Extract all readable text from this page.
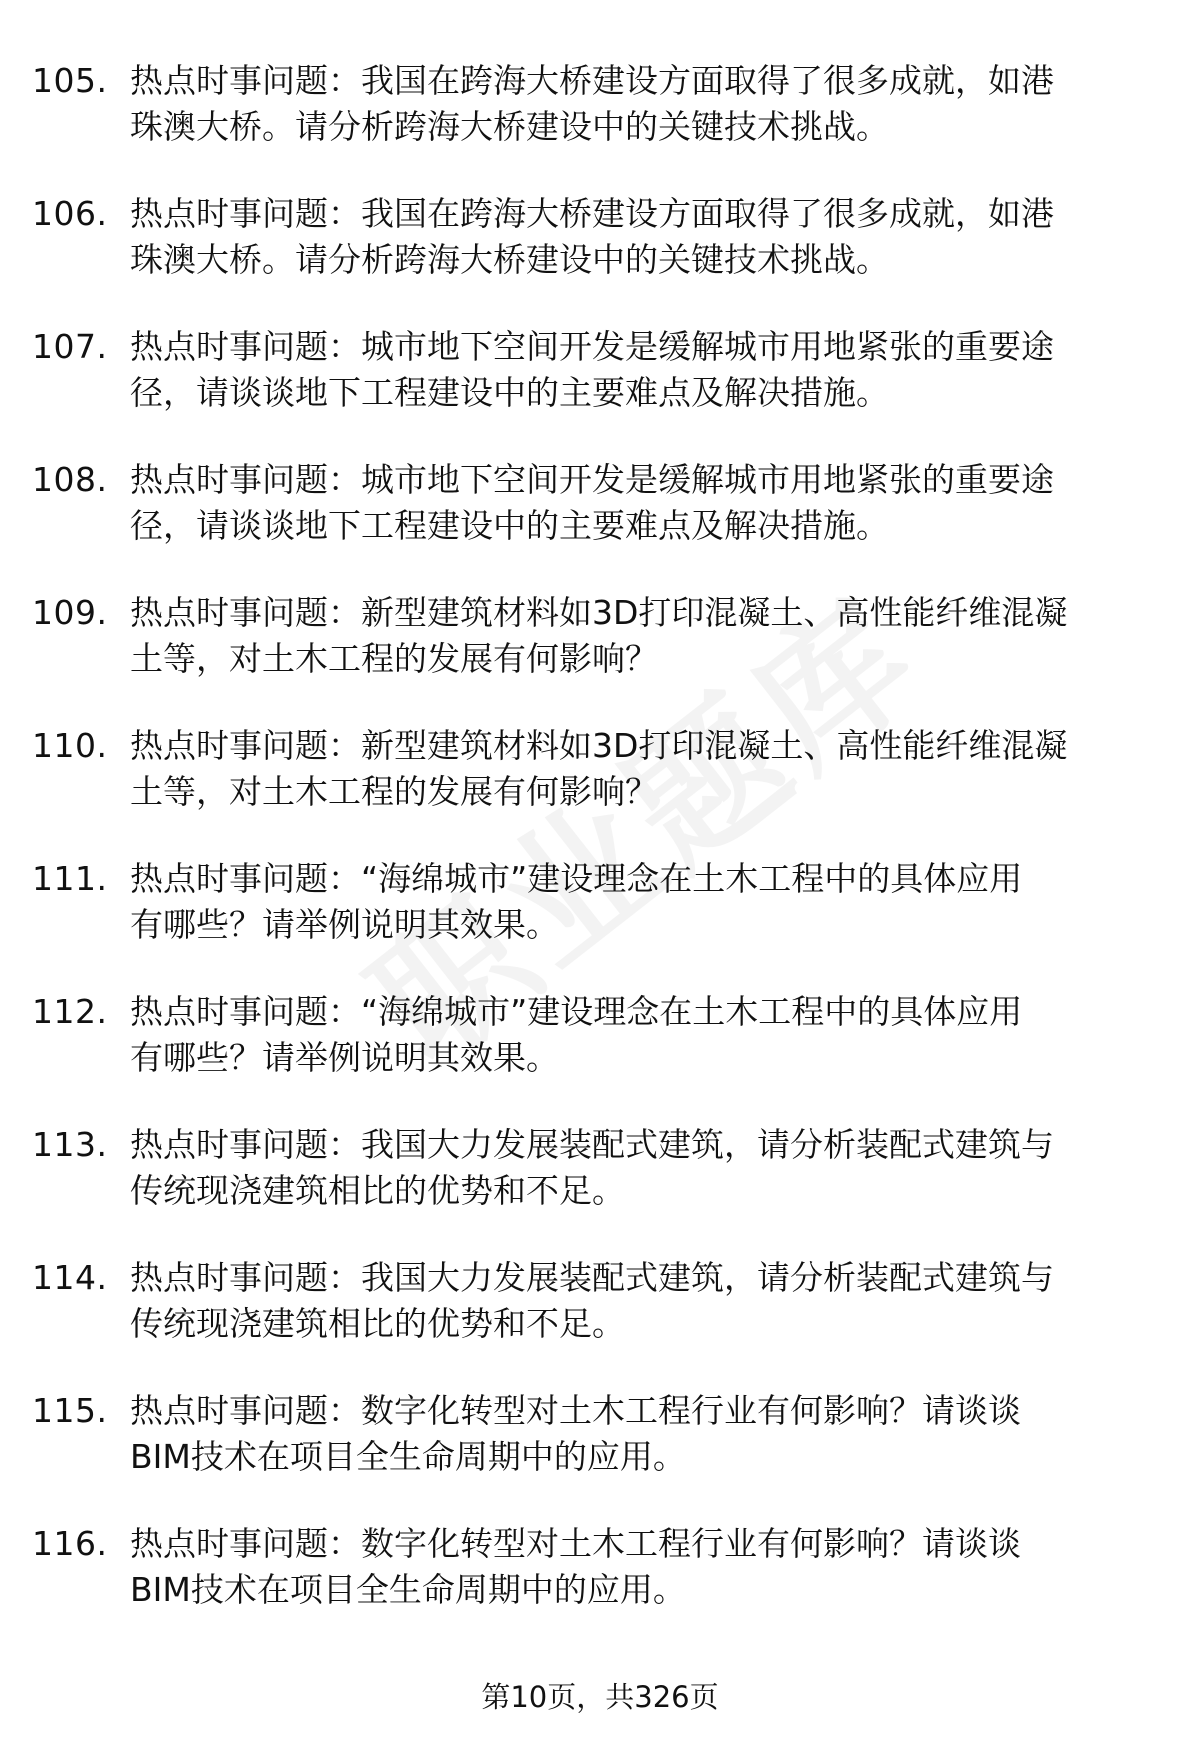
105. 热点时事问题：我国在跨海大桥建设方面取得了很多成就，如港
珠澳大桥。请分析跨海大桥建设中的关键技术挑战。
106. 热点时事问题：我国在跨海大桥建设方面取得了很多成就，如港
珠澳大桥。请分析跨海大桥建设中的关键技术挑战。
107. 热点时事问题：城市地下空间开发是缓解城市用地紧张的重要途
径，请谈谈地下工程建设中的主要难点及解决措施。
108. 热点时事问题：城市地下空间开发是缓解城市用地紧张的重要途
径，请谈谈地下工程建设中的主要难点及解决措施。
109. 热点时事问题：新型建筑材料如3D打印混凝土、高性能纤维混凝
土等，对土木工程的发展有何影响？
110. 热点时事问题：新型建筑材料如3D打印混凝土、高性能纤维混凝
土等，对土木工程的发展有何影响？
111. 热点时事问题：“海绵城市”建设理念在土木工程中的具体应用
有哪些？请举例说明其效果。
112. 热点时事问题：“海绵城市”建设理念在土木工程中的具体应用
有哪些？请举例说明其效果。
113. 热点时事问题：我国大力发展装配式建筑，请分析装配式建筑与
传统现浇建筑相比的优势和不足。
114. 热点时事问题：我国大力发展装配式建筑，请分析装配式建筑与
传统现浇建筑相比的优势和不足。
115. 热点时事问题：数字化转型对土木工程行业有何影响？请谈谈
BIM技术在项目全生命周期中的应用。
116. 热点时事问题：数字化转型对土木工程行业有何影响？请谈谈
BIM技术在项目全生命周期中的应用。
第10页，共326页
